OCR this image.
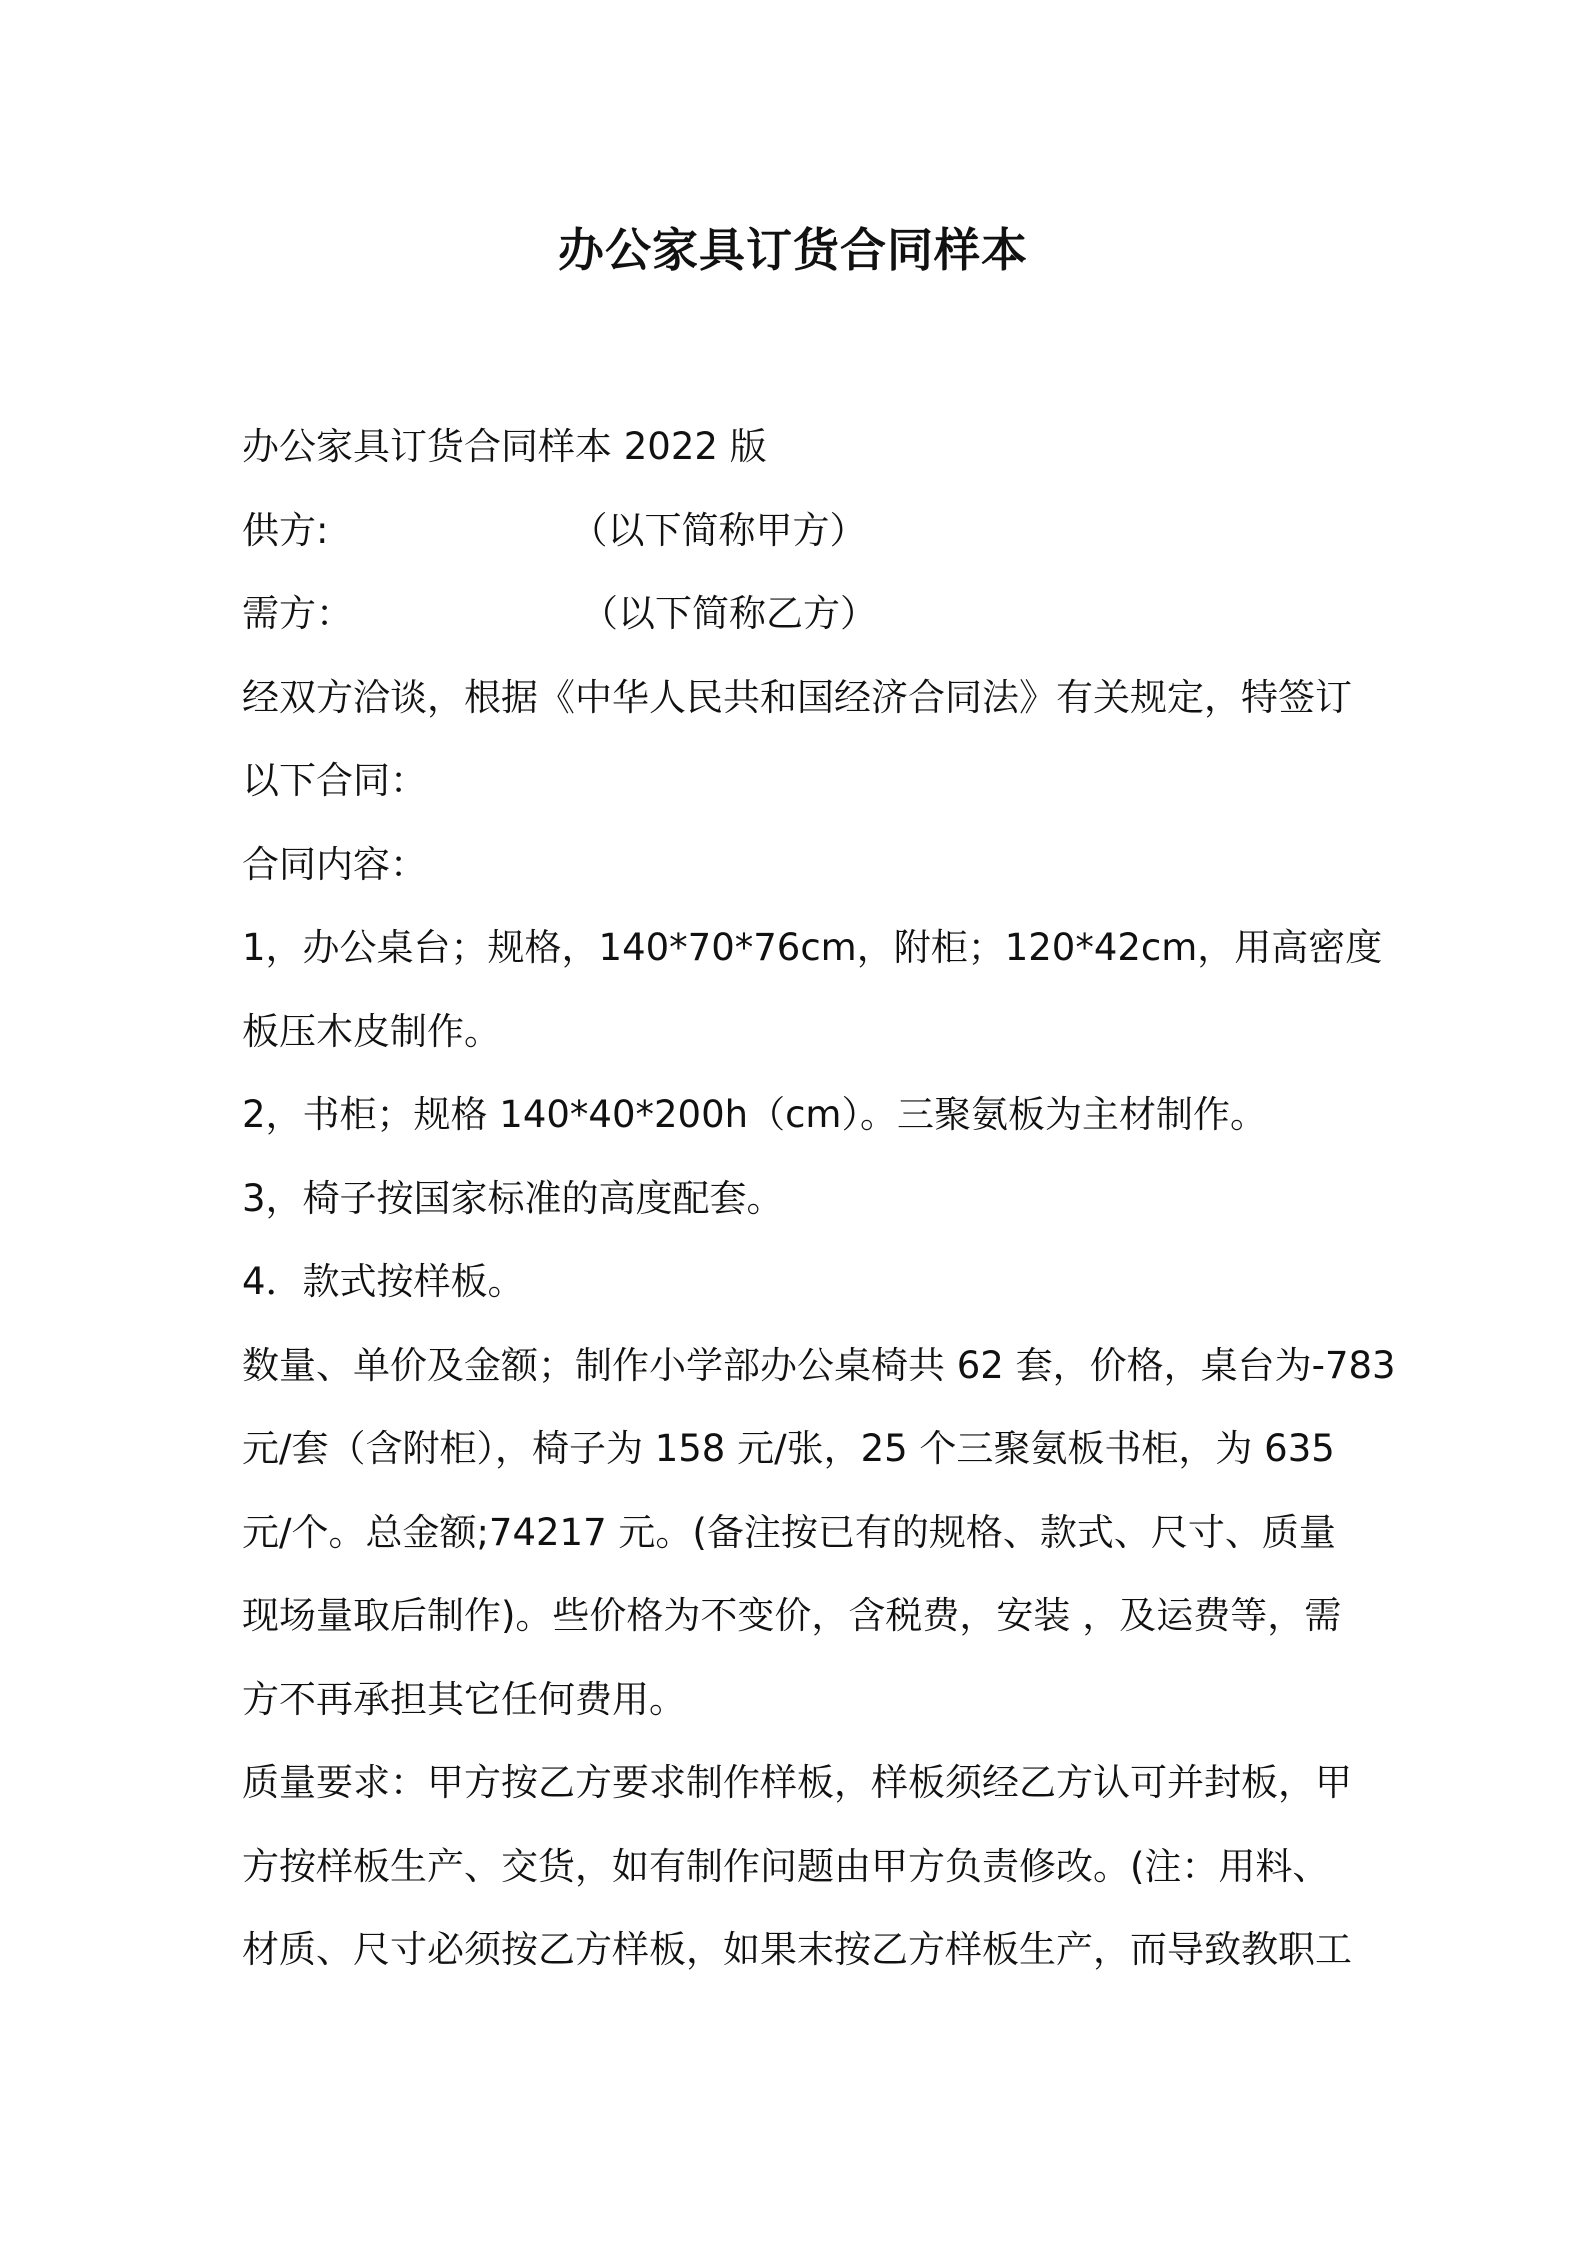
办公家具订货合同样本
办公家具订货合同样本 2022 版
供方:	（以下简称甲方）
需方：	（以下简称乙方）
经双方洽谈，根据《中华人民共和国经济合同法》有关规定，特签订
以下合同：
合同内容：
1，办公桌台；规格，140*70*76cm，附柜；120*42cm，用高密度
板压木皮制作。
2，书柜；规格 140*40*200h（cm）。三聚氨板为主材制作。
3，椅子按国家标准的高度配套。
4．款式按样板。
数量、单价及金额；制作小学部办公桌椅共 62 套，价格，桌台为-783
元/套（含附柜），椅子为 158 元/张，25 个三聚氨板书柜，为 635
元/个。总金额;74217 元。(备注按已有的规格、款式、尺寸、质量
现场量取后制作)。些价格为不变价，含税费，安装 ，及运费等，需
方不再承担其它任何费用。
质量要求：甲方按乙方要求制作样板，样板须经乙方认可并封板，甲
方按样板生产、交货，如有制作问题由甲方负责修改。(注：用料、
材质、尺寸必须按乙方样板，如果末按乙方样板生产，而导致教职工
